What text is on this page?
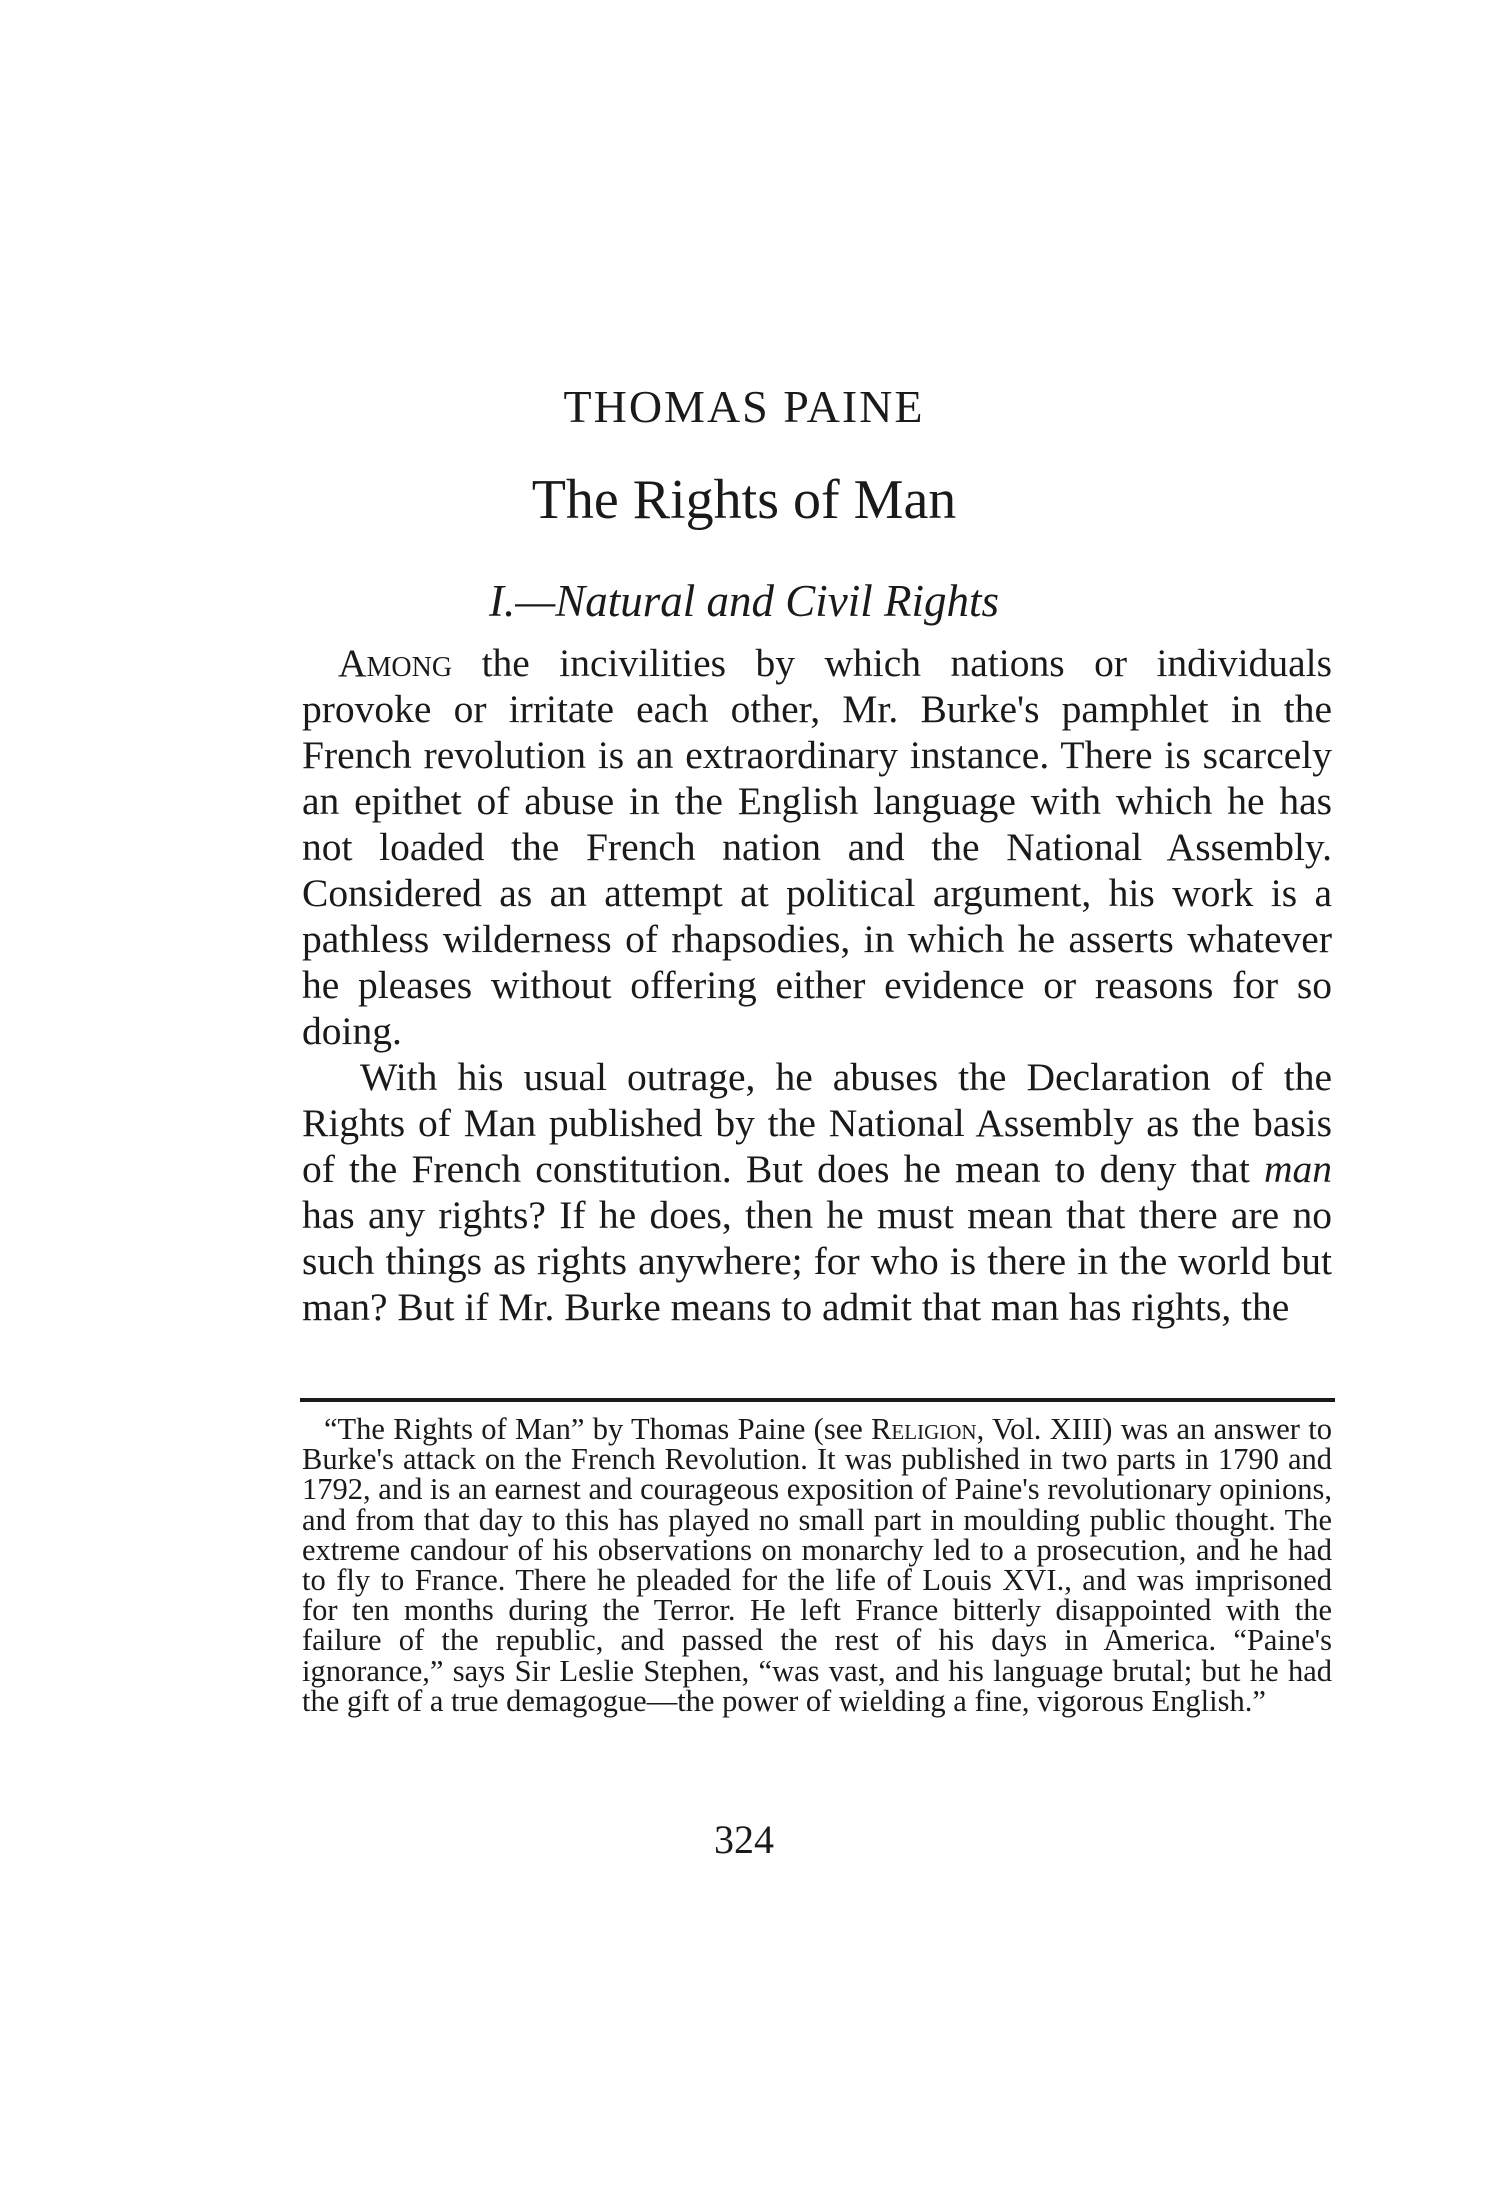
THOMAS PAINE
The Rights of Man
I.—Natural and Civil Rights

Among the incivilities by which nations or individuals provoke or irritate each other, Mr. Burke's pamphlet in the French revolution is an extraordinary instance. There is scarcely an epithet of abuse in the English language with which he has not loaded the French nation and the National Assembly. Considered as an attempt at political argument, his work is a pathless wilderness of rhapsodies, in which he asserts whatever he pleases without offering either evidence or reasons for so doing.

With his usual outrage, he abuses the Declaration of the Rights of Man published by the National Assembly as the basis of the French constitution. But does he mean to deny that man has any rights? If he does, then he must mean that there are no such things as rights anywhere; for who is there in the world but man? But if Mr. Burke means to admit that man has rights, the

“The Rights of Man” by Thomas Paine (see Religion, Vol. XIII) was an answer to Burke's attack on the French Revolution. It was published in two parts in 1790 and 1792, and is an earnest and courageous exposition of Paine's revolutionary opinions, and from that day to this has played no small part in moulding public thought. The extreme candour of his observations on monarchy led to a prosecution, and he had to fly to France. There he pleaded for the life of Louis XVI., and was imprisoned for ten months during the Terror. He left France bitterly disappointed with the failure of the republic, and passed the rest of his days in America. “Paine's ignorance,” says Sir Leslie Stephen, “was vast, and his language brutal; but he had the gift of a true demagogue—the power of wielding a fine, vigorous English.”

324
